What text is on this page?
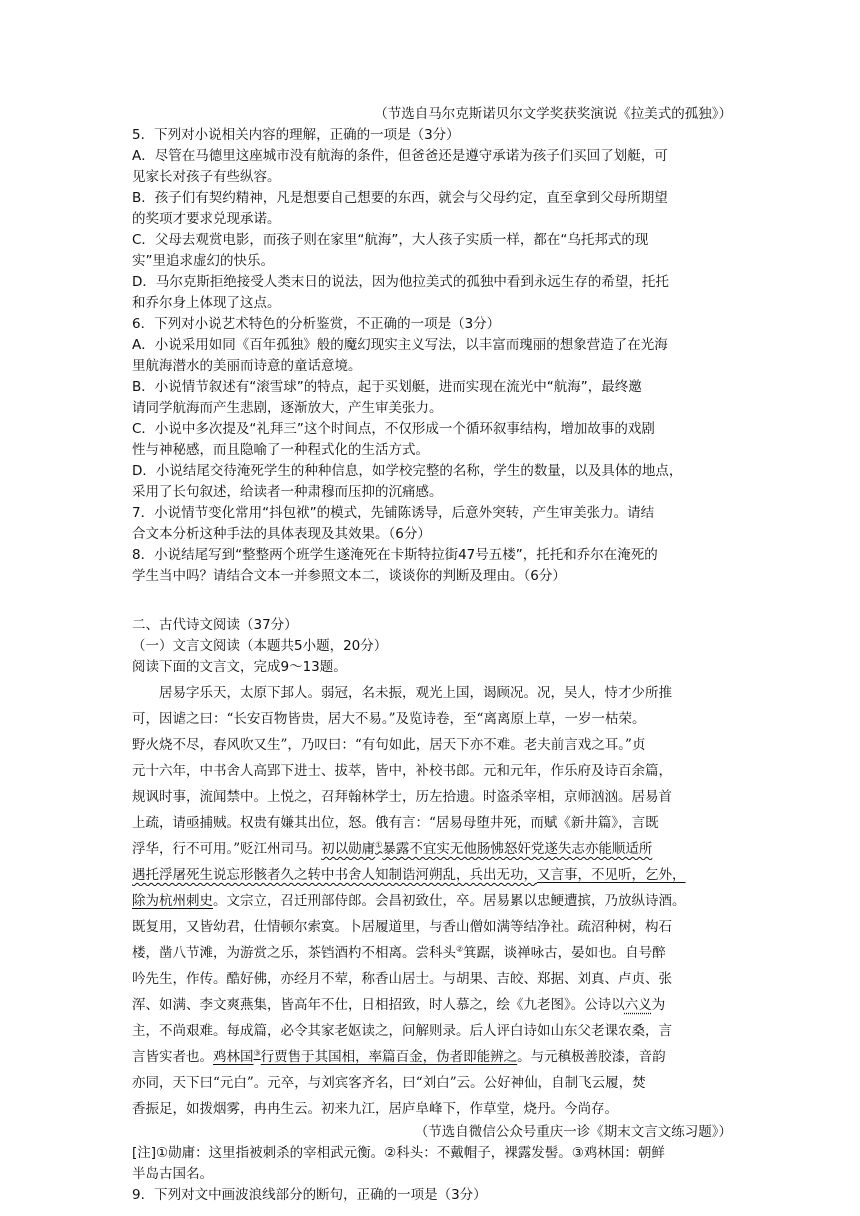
（节选自马尔克斯诺贝尔文学奖获奖演说《拉美式的孤独》）
5．下列对小说相关内容的理解，正确的一项是（3分）
A．尽管在马德里这座城市没有航海的条件，但爸爸还是遵守承诺为孩子们买回了划艇，可
见家长对孩子有些纵容。
B．孩子们有契约精神，凡是想要自己想要的东西，就会与父母约定，直至拿到父母所期望
的奖项才要求兑现承诺。
C．父母去观赏电影，而孩子则在家里“航海”，大人孩子实质一样，都在“乌托邦式的现
实”里追求虚幻的快乐。
D．马尔克斯拒绝接受人类末日的说法，因为他拉美式的孤独中看到永远生存的希望，托托
和乔尔身上体现了这点。
6．下列对小说艺术特色的分析鉴赏，不正确的一项是（3分）
A．小说采用如同《百年孤独》般的魔幻现实主义写法，以丰富而瑰丽的想象营造了在光海
里航海潜水的美丽而诗意的童话意境。
B．小说情节叙述有“滚雪球”的特点，起于买划艇，进而实现在流光中“航海”，最终邀
请同学航海而产生悲剧，逐渐放大，产生审美张力。
C．小说中多次提及“礼拜三”这个时间点，不仅形成一个循环叙事结构，增加故事的戏剧
性与神秘感，而且隐喻了一种程式化的生活方式。
D．小说结尾交待淹死学生的种种信息，如学校完整的名称，学生的数量，以及具体的地点，
采用了长句叙述，给读者一种肃穆而压抑的沉痛感。
7．小说情节变化常用“抖包袱”的模式，先铺陈诱导，后意外突转，产生审美张力。请结
合文本分析这种手法的具体表现及其效果。（6分）
8．小说结尾写到“整整两个班学生遂淹死在卡斯特拉街47号五楼”，托托和乔尔在淹死的
学生当中吗？请结合文本一并参照文本二，谈谈你的判断及理由。（6分）
二、古代诗文阅读（37分）
（一）文言文阅读（本题共5小题，20分）
阅读下面的文言文，完成9～13题。
居易字乐天，太原下邽人。弱冠，名未振，观光上国，谒顾况。况，吴人，恃才少所推
可，因谑之曰：“长安百物皆贵，居大不易。”及览诗卷，至“离离原上草，一岁一枯荣。
野火烧不尽，春风吹又生”，乃叹曰：“有句如此，居天下亦不难。老夫前言戏之耳。”贞
元十六年，中书舍人高郢下进士、拔萃，皆中，补校书郎。元和元年，作乐府及诗百余篇，
规讽时事，流闻禁中。上悦之，召拜翰林学士，历左拾遗。时盗杀宰相，京师汹汹。居易首
上疏，请亟捕贼。权贵有嫌其出位，怒。俄有言：“居易母堕井死，而赋《新井篇》，言既
浮华，行不可用。”贬江州司马。初以勋庸①暴露不宜实无他肠怫怒奸党遂失志亦能顺适所
遇托浮屠死生说忘形骸者久之转中书舍人知制诰河朔乱，兵出无功，又言事，不见听，乞外，
除为杭州刺史。文宗立，召迁刑部侍郎。会昌初致仕，卒。居易累以忠鲠遭摈，乃放纵诗酒。
既复用，又皆幼君，仕情顿尔索寞。卜居履道里，与香山僧如满等结净社。疏沼种树，构石
楼，凿八节滩，为游赏之乐，茶铛酒杓不相离。尝科头②箕踞，谈禅咏古，晏如也。自号醉
吟先生，作传。酷好佛，亦经月不荤，称香山居士。与胡果、吉皎、郑据、刘真、卢贞、张
浑、如满、李文爽燕集，皆高年不仕，日相招致，时人慕之，绘《九老图》。公诗以六义为
主，不尚艰难。每成篇，必令其家老妪读之，问解则录。后人评白诗如山东父老课农桑，言
言皆实者也。鸡林国③行贾售于其国相，率篇百金，伪者即能辨之。与元稹极善胶漆，音韵
亦同，天下曰“元白”。元卒，与刘宾客齐名，曰“刘白”云。公好神仙，自制飞云履，焚
香振足，如拨烟雾，冉冉生云。初来九江，居庐阜峰下，作草堂，烧丹。今尚存。
（节选自微信公众号重庆一诊《期末文言文练习题》）
[注]①勋庸：这里指被刺杀的宰相武元衡。②科头：不戴帽子，裸露发髻。③鸡林国：朝鲜
半岛古国名。
9．下列对文中画波浪线部分的断句，正确的一项是（3分）
